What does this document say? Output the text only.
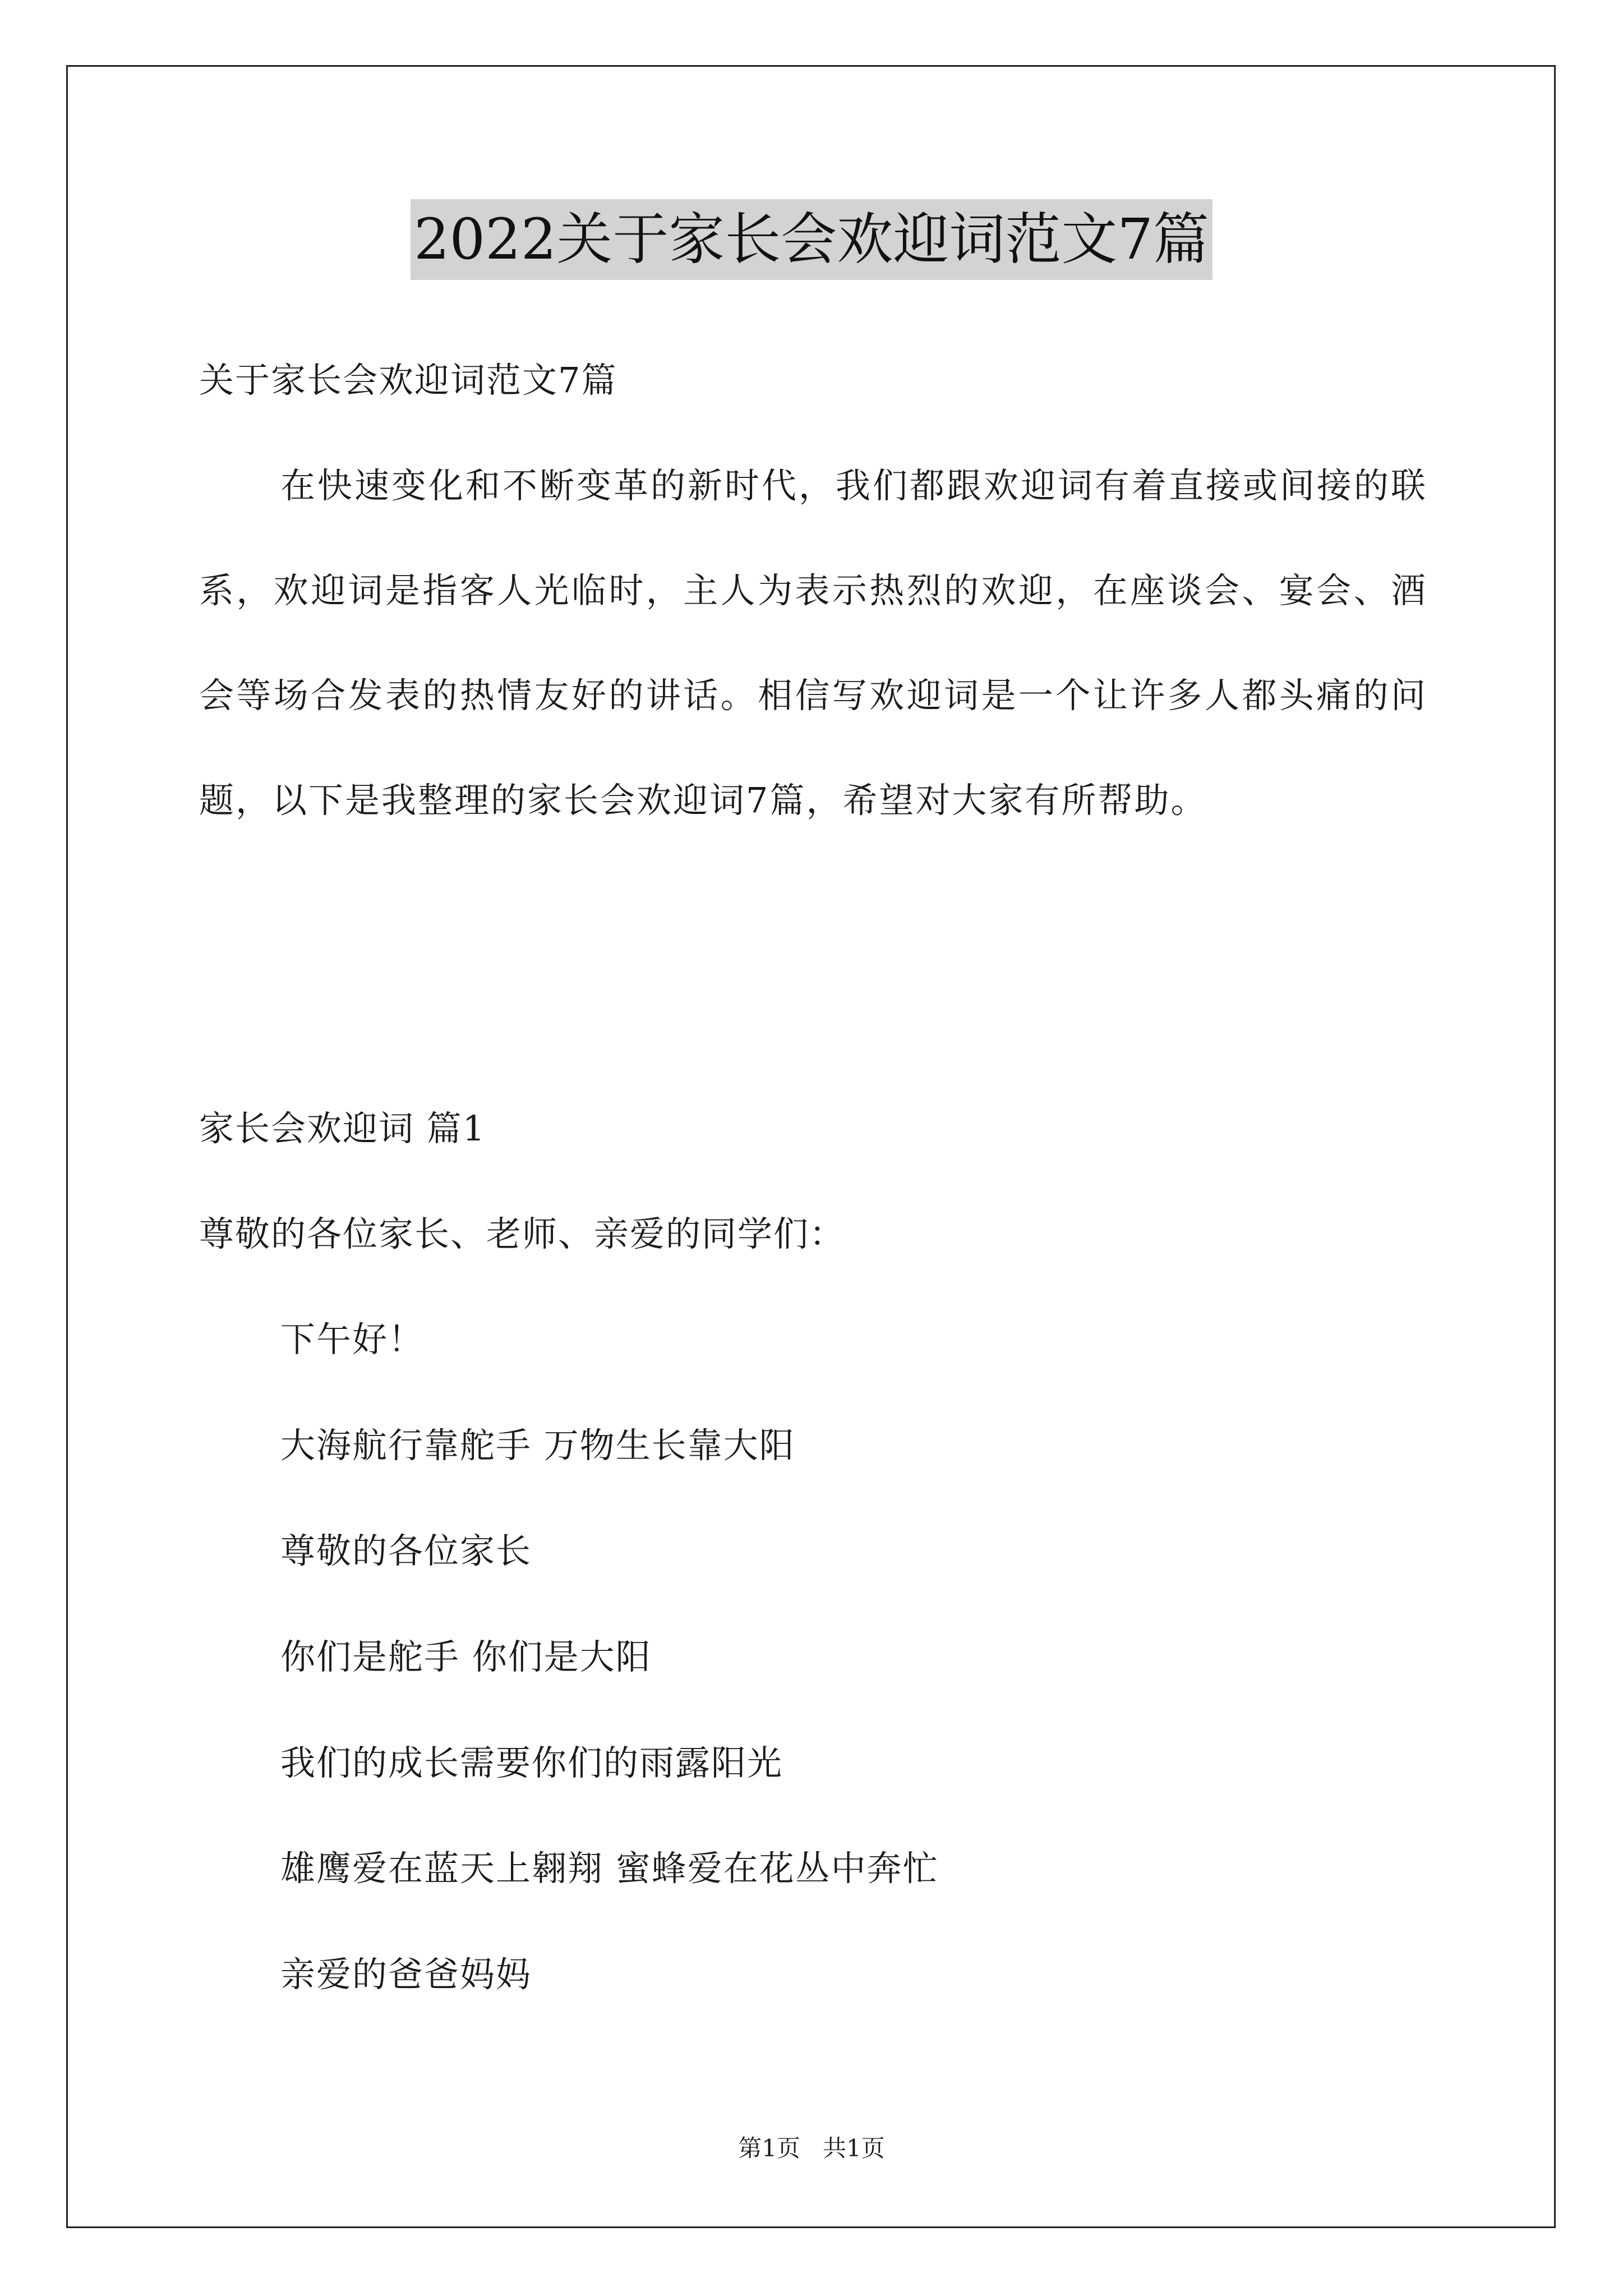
2022关于家长会欢迎词范文7篇
关于家长会欢迎词范文7篇
在快速变化和不断变革的新时代，我们都跟欢迎词有着直接或间接的联系，欢迎词是指客人光临时，主人为表示热烈的欢迎，在座谈会、宴会、酒会等场合发表的热情友好的讲话。相信写欢迎词是一个让许多人都头痛的问题，以下是我整理的家长会欢迎词7篇，希望对大家有所帮助。
家长会欢迎词 篇1
尊敬的各位家长、老师、亲爱的同学们：
下午好！
大海航行靠舵手 万物生长靠大阳
尊敬的各位家长
你们是舵手 你们是大阳
我们的成长需要你们的雨露阳光
雄鹰爱在蓝天上翱翔 蜜蜂爱在花丛中奔忙
亲爱的爸爸妈妈
第1页   共1页
